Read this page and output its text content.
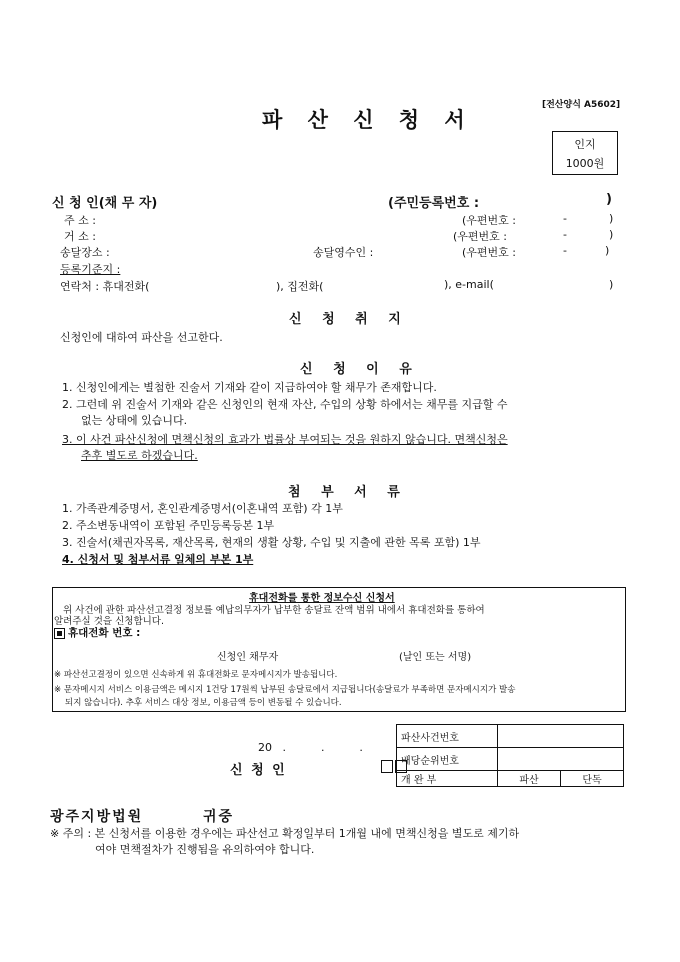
[전산양식 A5602]
파 산 신 청 서
인지
1000원
신 청 인(채 무 자)	(주민등록번호 :	)
주 소 :	(우편번호 :	-	)
거 소 :	(우편번호 :	-	)
송달장소 :	송달영수인 :	(우편번호 :	-	)
등록기준지 :
연락처 : 휴대전화(	), 집전화(	), e-mail(	)
신 청 취 지
신청인에 대하여 파산을 선고한다.
신 청 이 유
1. 신청인에게는 별첨한 진술서 기재와 같이 지급하여야 할 채무가 존재합니다.
2. 그런데 위 진술서 기재와 같은 신청인의 현재 자산, 수입의 상황 하에서는 채무를 지급할 수
없는 상태에 있습니다.
3. 이 사건 파산신청에 면책신청의 효과가 법률상 부여되는 것을 원하지 않습니다. 면책신청은
추후 별도로 하겠습니다.
첨 부 서 류
1. 가족관계증명서, 혼인관계증명서(이혼내역 포함) 각 1부
2. 주소변동내역이 포함된 주민등록등본 1부
3. 진술서(채권자목록, 재산목록, 현재의 생활 상황, 수입 및 지출에 관한 목록 포함) 1부
4. 신청서 및 첨부서류 일체의 부본 1부
휴대전화를 통한 정보수신 신청서
위 사건에 관한 파산선고결정 정보를 예납의무자가 납부한 송달료 잔액 범위 내에서 휴대전화를 통하여
알려주실 것을 신청합니다.
휴대전화 번호 :
신청인 채무자	(날인 또는 서명)
※ 파산선고결정이 있으면 신속하게 위 휴대전화로 문자메시지가 발송됩니다.
※ 문자메시지 서비스 이용금액은 메시지 1건당 17원씩 납부된 송달료에서 지급됩니다(송달료가 부족하면 문자메시지가 발송
되지 않습니다). 추후 서비스 대상 정보, 이용금액 등이 변동될 수 있습니다.
20   .          .          .
신 청 인
파산사건번호		
배당순위번호		
개 완 부	파산	단독
광주지방법원	귀중
※ 주의 : 본 신청서를 이용한 경우에는 파산선고 확정일부터 1개월 내에 면책신청을 별도로 제기하
여야 면책절차가 진행됨을 유의하여야 합니다.
